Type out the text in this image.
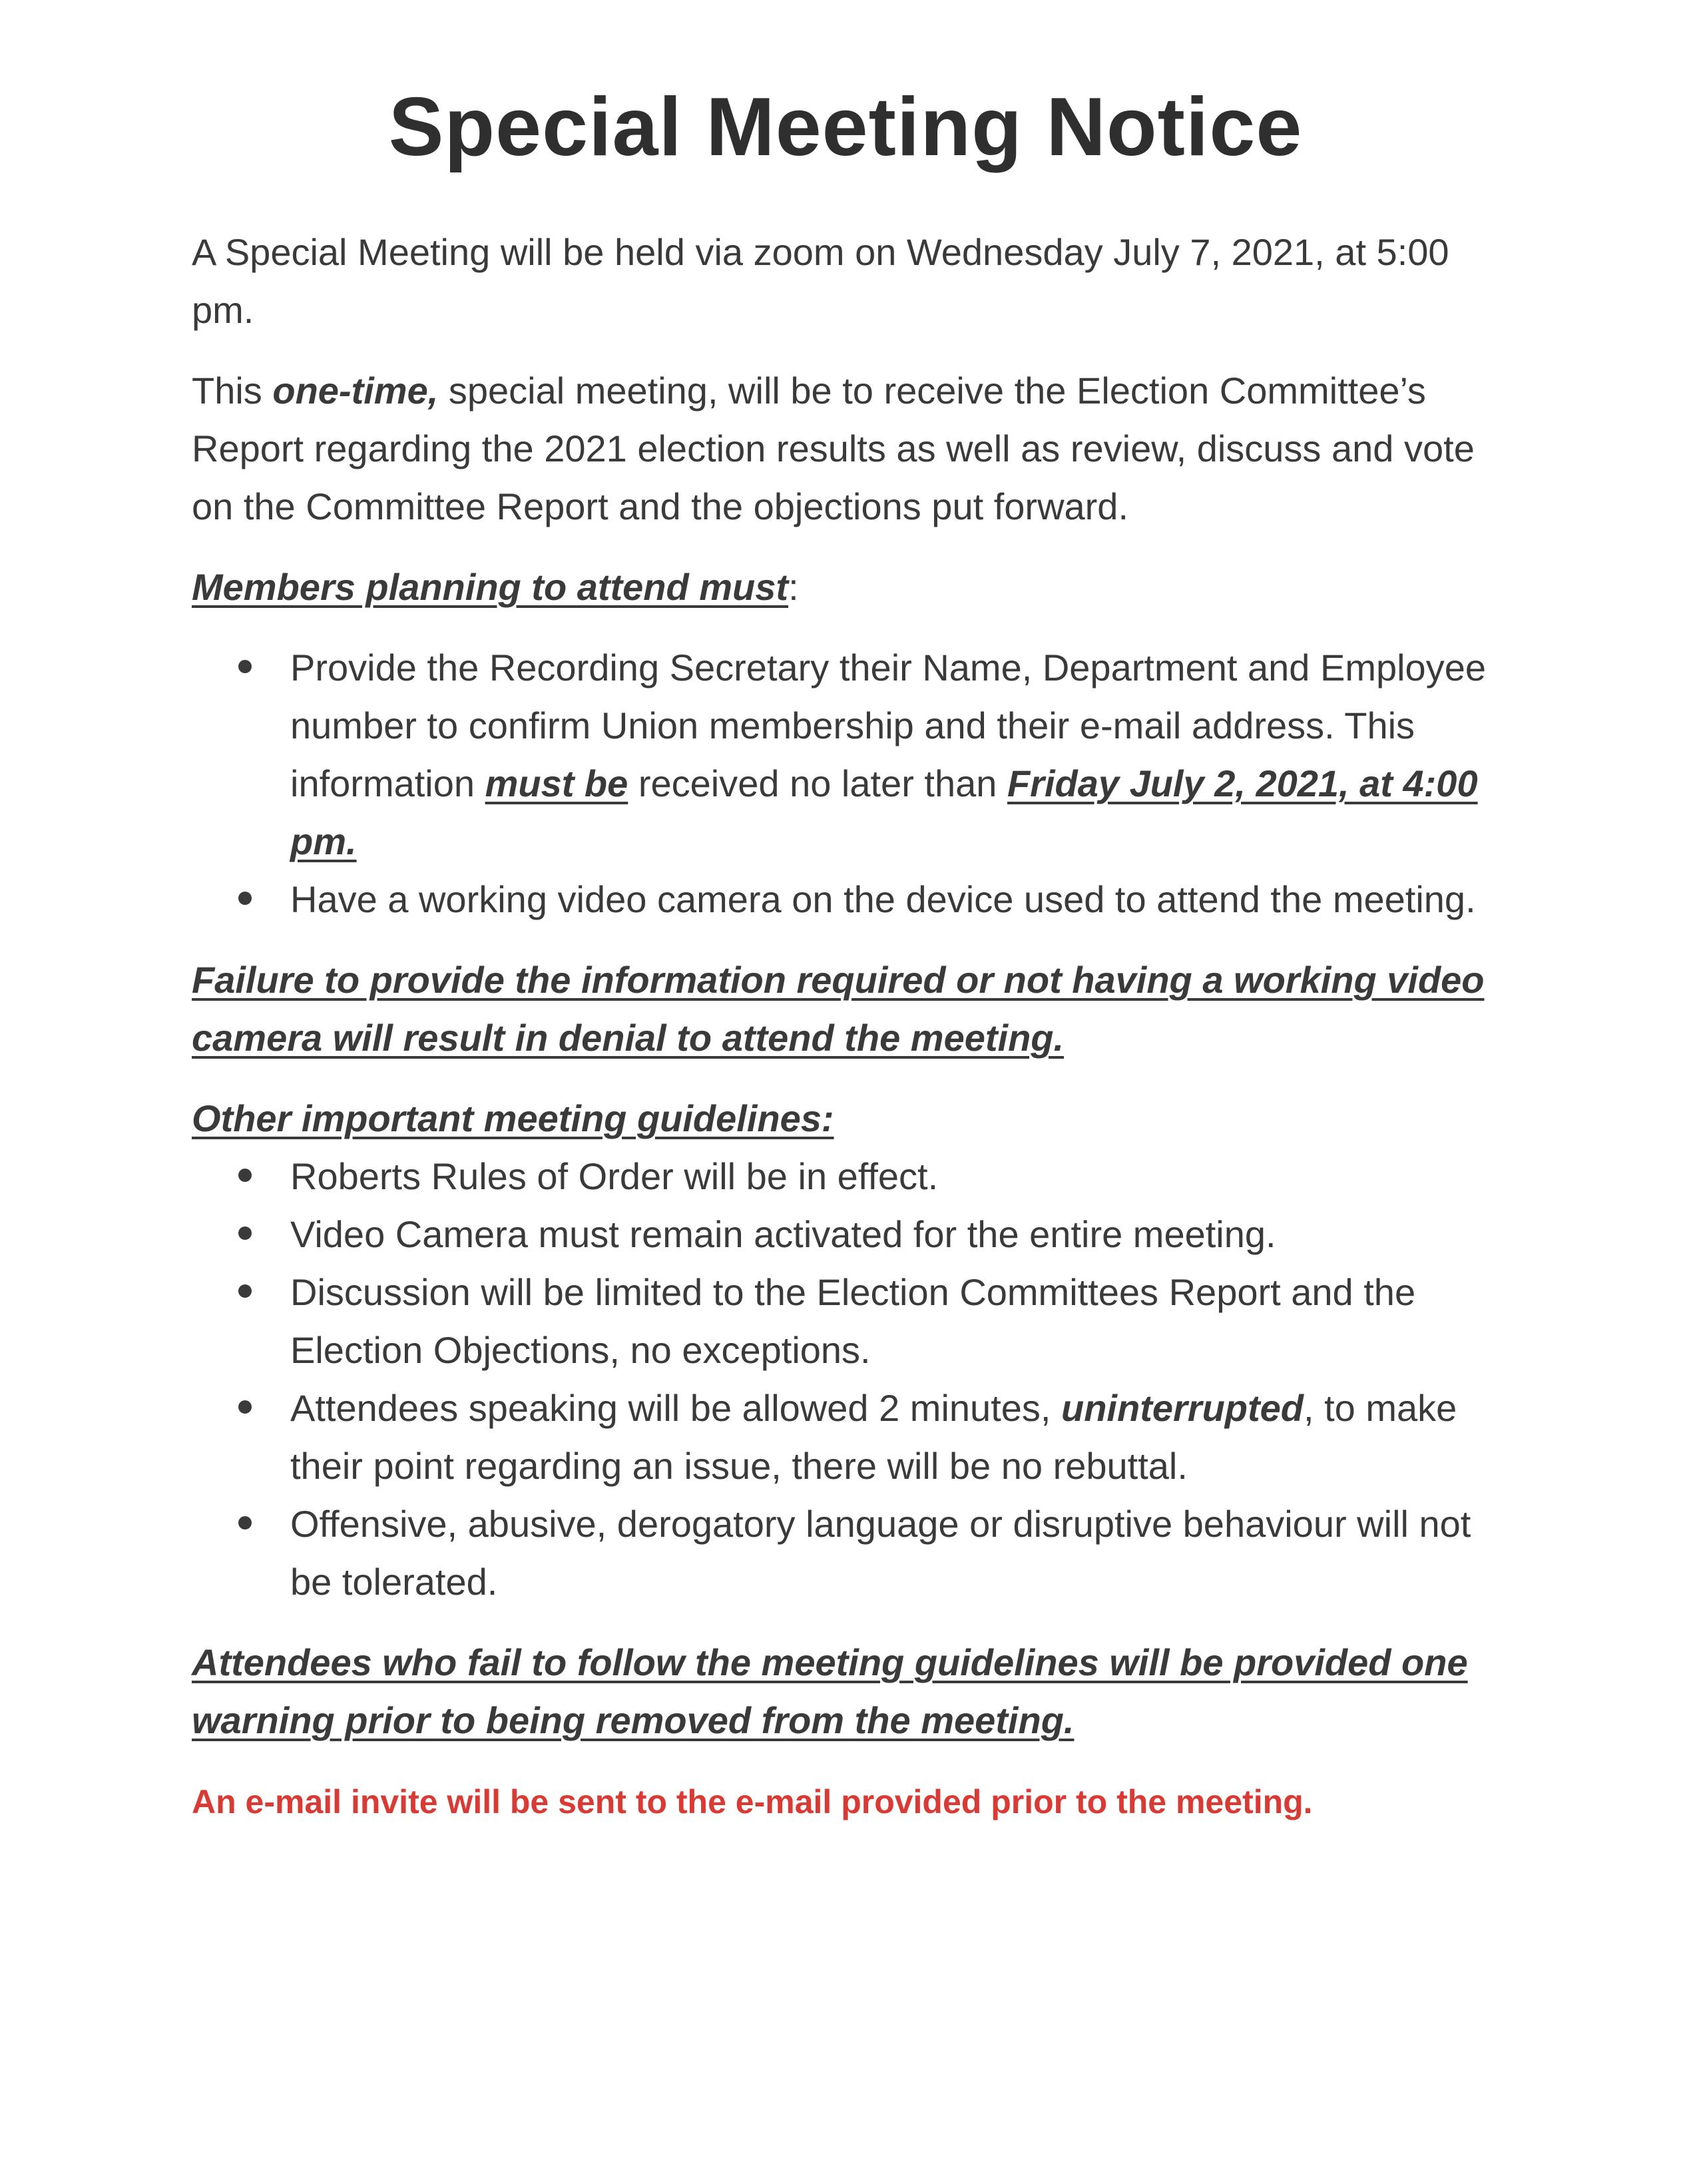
Special Meeting Notice

A Special Meeting will be held via zoom on Wednesday July 7, 2021, at 5:00 pm.

This one-time, special meeting, will be to receive the Election Committee’s Report regarding the 2021 election results as well as review, discuss and vote on the Committee Report and the objections put forward.

Members planning to attend must:

Provide the Recording Secretary their Name, Department and Employee number to confirm Union membership and their e-mail address. This information must be received no later than Friday July 2, 2021, at 4:00 pm.
Have a working video camera on the device used to attend the meeting.

Failure to provide the information required or not having a working video camera will result in denial to attend the meeting.

Other important meeting guidelines:

Roberts Rules of Order will be in effect.
Video Camera must remain activated for the entire meeting.
Discussion will be limited to the Election Committees Report and the Election Objections, no exceptions.
Attendees speaking will be allowed 2 minutes, uninterrupted, to make their point regarding an issue, there will be no rebuttal.
Offensive, abusive, derogatory language or disruptive behaviour will not be tolerated.

Attendees who fail to follow the meeting guidelines will be provided one warning prior to being removed from the meeting.

An e-mail invite will be sent to the e-mail provided prior to the meeting.
